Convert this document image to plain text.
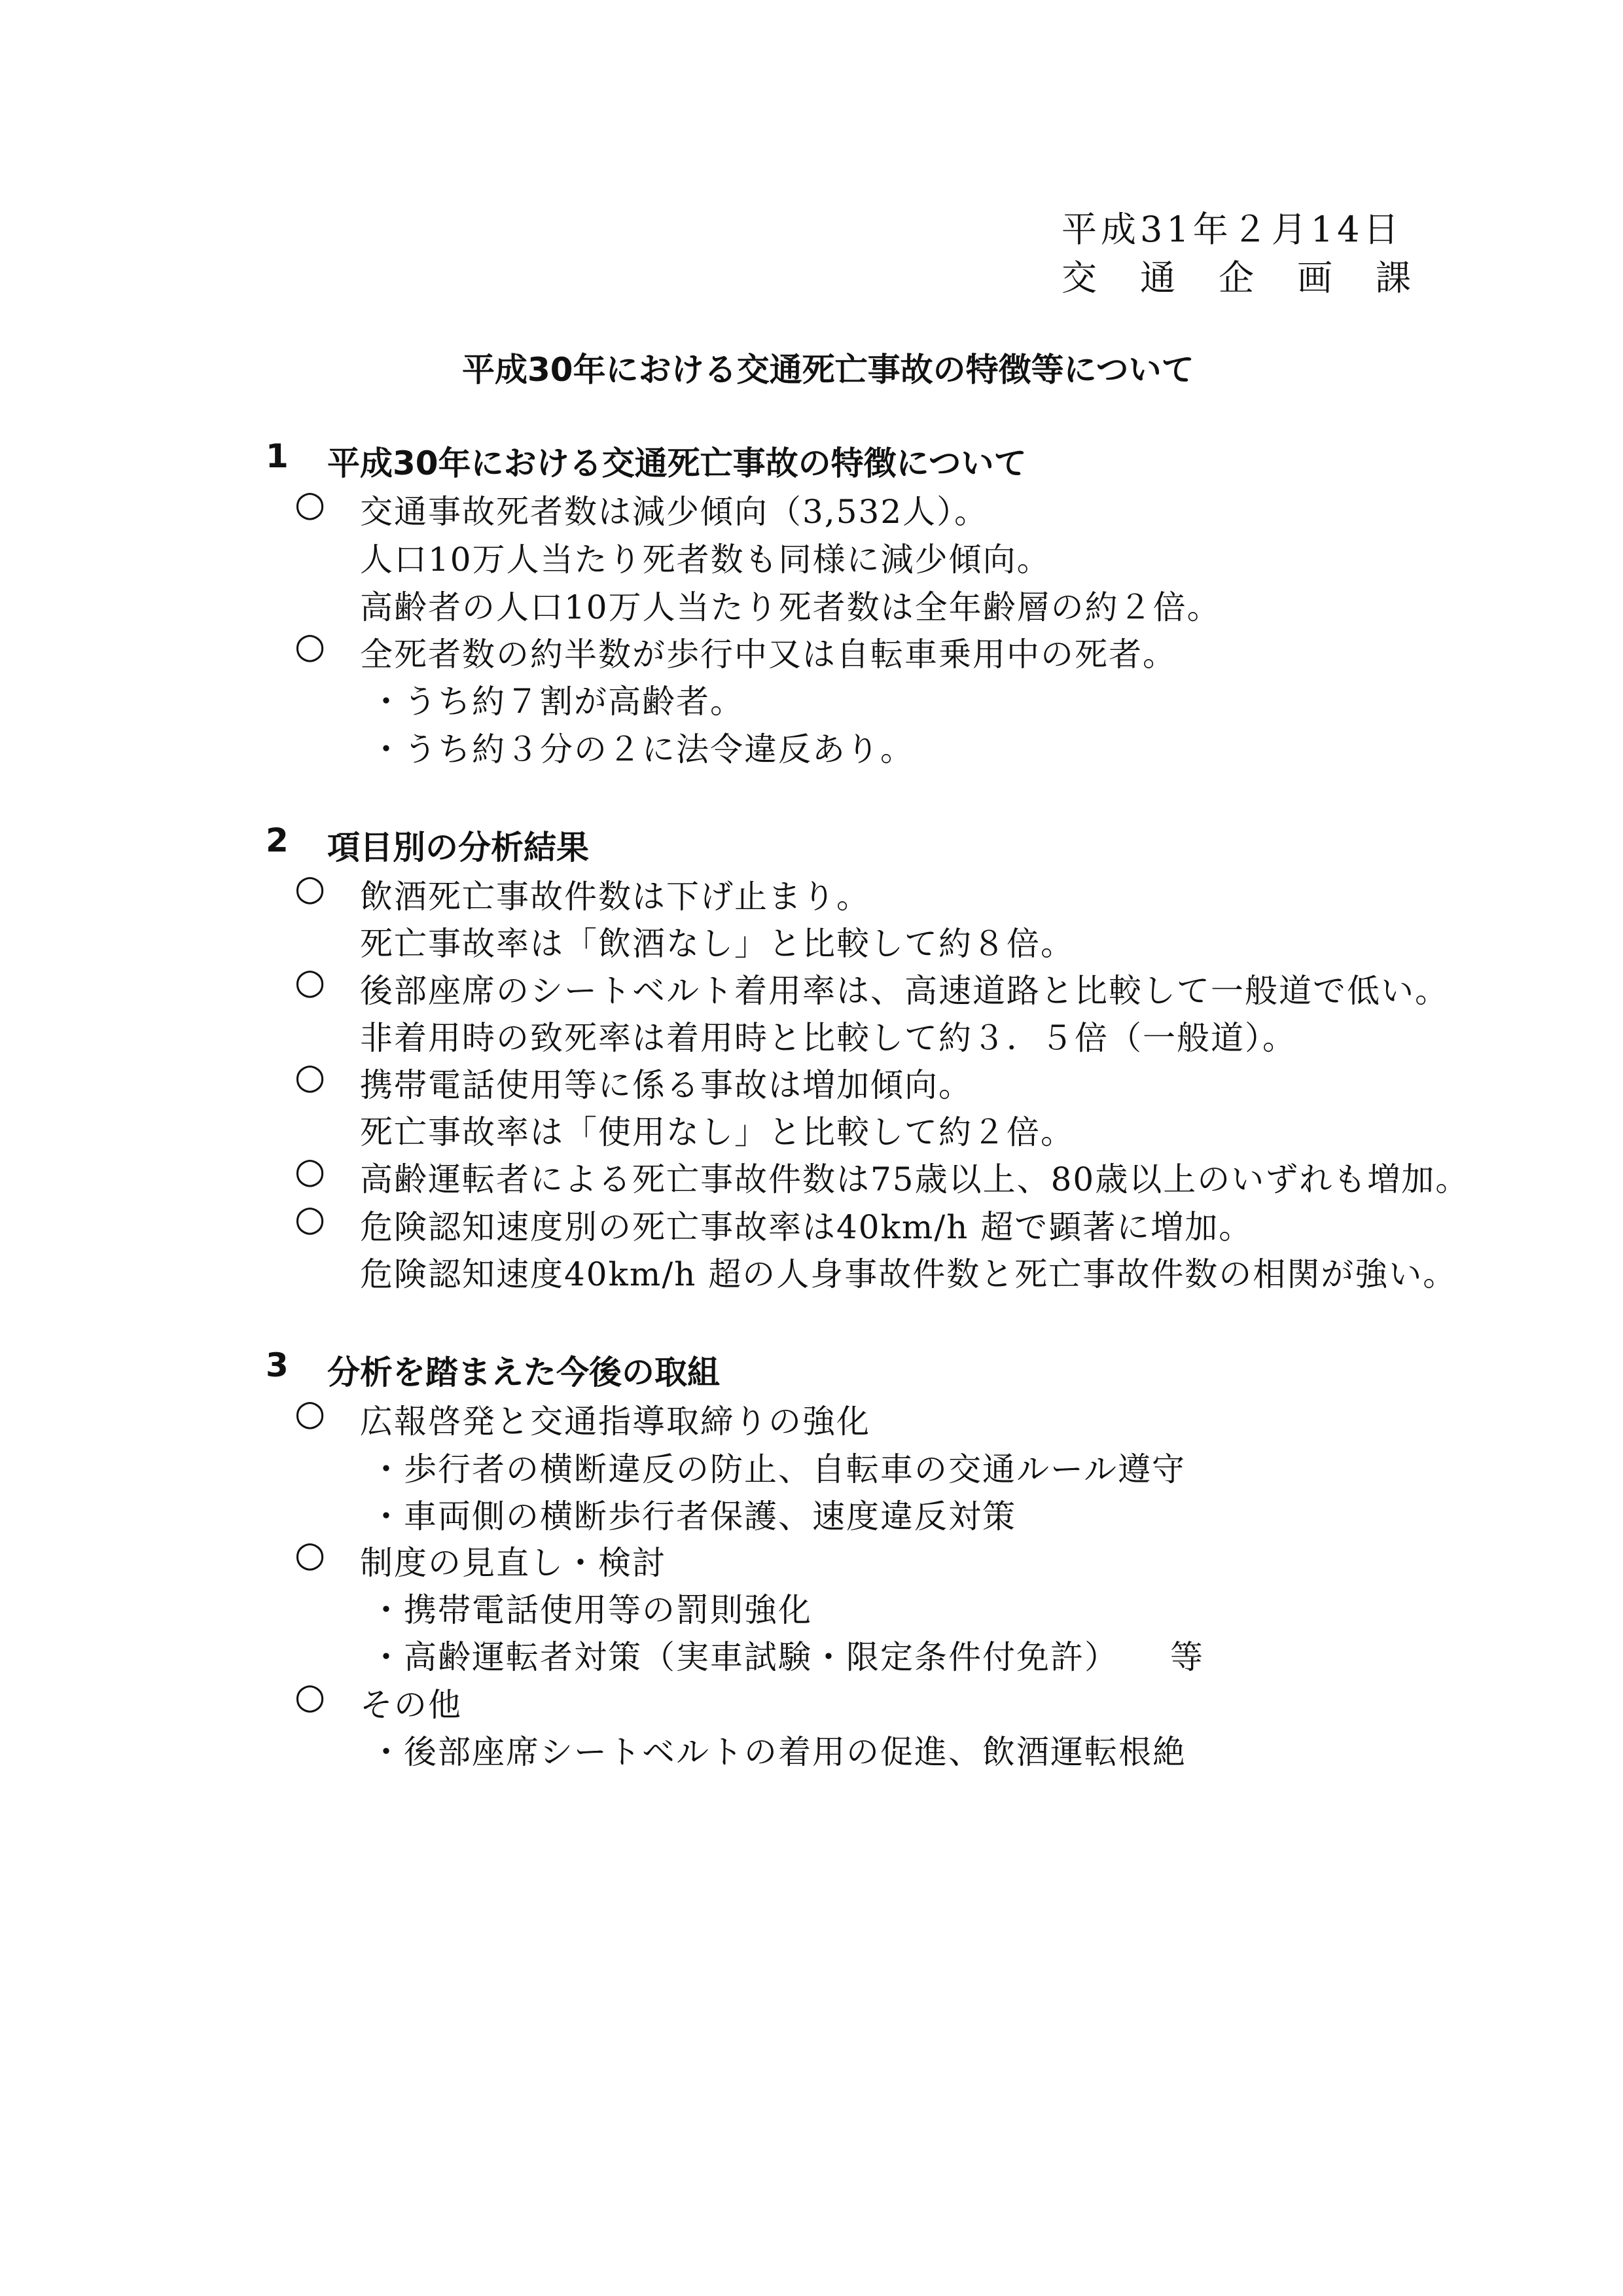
平成31年２月14日
交通企画課
平成30年における交通死亡事故の特徴等について
1 平成30年における交通死亡事故の特徴について
○ 交通事故死者数は減少傾向（3,532人）。
人口10万人当たり死者数も同様に減少傾向。
高齢者の人口10万人当たり死者数は全年齢層の約２倍。
○ 全死者数の約半数が歩行中又は自転車乗用中の死者。
・うち約７割が高齢者。
・うち約３分の２に法令違反あり。
2 項目別の分析結果
○ 飲酒死亡事故件数は下げ止まり。
死亡事故率は「飲酒なし」と比較して約８倍。
○ 後部座席のシートベルト着用率は、高速道路と比較して一般道で低い。
非着用時の致死率は着用時と比較して約３．５倍（一般道）。
○ 携帯電話使用等に係る事故は増加傾向。
死亡事故率は「使用なし」と比較して約２倍。
○ 高齢運転者による死亡事故件数は75歳以上、80歳以上のいずれも増加。
○ 危険認知速度別の死亡事故率は40km/h 超で顕著に増加。
危険認知速度40km/h 超の人身事故件数と死亡事故件数の相関が強い。
3 分析を踏まえた今後の取組
○ 広報啓発と交通指導取締りの強化
・歩行者の横断違反の防止、自転車の交通ルール遵守
・車両側の横断歩行者保護、速度違反対策
○ 制度の見直し・検討
・携帯電話使用等の罰則強化
・高齢運転者対策（実車試験・限定条件付免許）　　等
○ その他
・後部座席シートベルトの着用の促進、飲酒運転根絶
